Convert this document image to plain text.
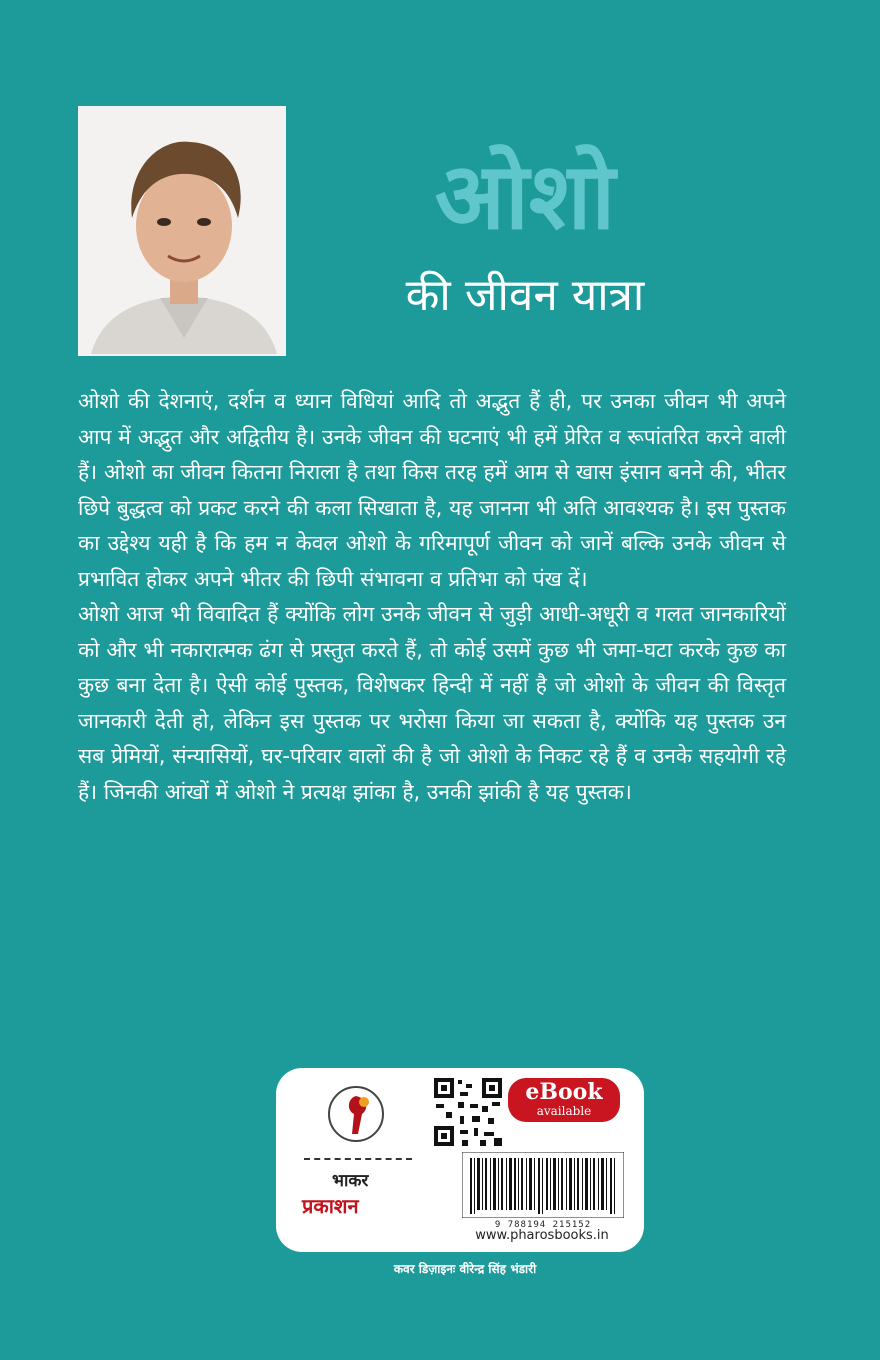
ओशो
की जीवन यात्रा

ओशो की देशनाएं, दर्शन व ध्यान विधियां आदि तो अद्भुत हैं ही, पर उनका जीवन भी अपने आप में अद्भुत और अद्वितीय है। उनके जीवन की घटनाएं भी हमें प्रेरित व रूपांतरित करने वाली हैं। ओशो का जीवन कितना निराला है तथा किस तरह हमें आम से खास इंसान बनने की, भीतर छिपे बुद्धत्व को प्रकट करने की कला सिखाता है, यह जानना भी अति आवश्यक है। इस पुस्तक का उद्देश्य यही है कि हम न केवल ओशो के गरिमापूर्ण जीवन को जानें बल्कि उनके जीवन से प्रभावित होकर अपने भीतर की छिपी संभावना व प्रतिभा को पंख दें।

ओशो आज भी विवादित हैं क्योंकि लोग उनके जीवन से जुड़ी आधी-अधूरी व गलत जानकारियों को और भी नकारात्मक ढंग से प्रस्तुत करते हैं, तो कोई उसमें कुछ भी जमा-घटा करके कुछ का कुछ बना देता है। ऐसी कोई पुस्तक, विशेषकर हिन्दी में नहीं है जो ओशो के जीवन की विस्तृत जानकारी देती हो, लेकिन इस पुस्तक पर भरोसा किया जा सकता है, क्योंकि यह पुस्तक उन सब प्रेमियों, संन्यासियों, घर-परिवार वालों की है जो ओशो के निकट रहे हैं व उनके सहयोगी रहे हैं। जिनकी आंखों में ओशो ने प्रत्यक्ष झांका है, उनकी झांकी है यह पुस्तक।

भाकर
प्रकाशन
eBook
available
9 788194 215152
www.pharosbooks.in
कवर डिज़ाइनः वीरेन्द्र सिंह भंडारी
